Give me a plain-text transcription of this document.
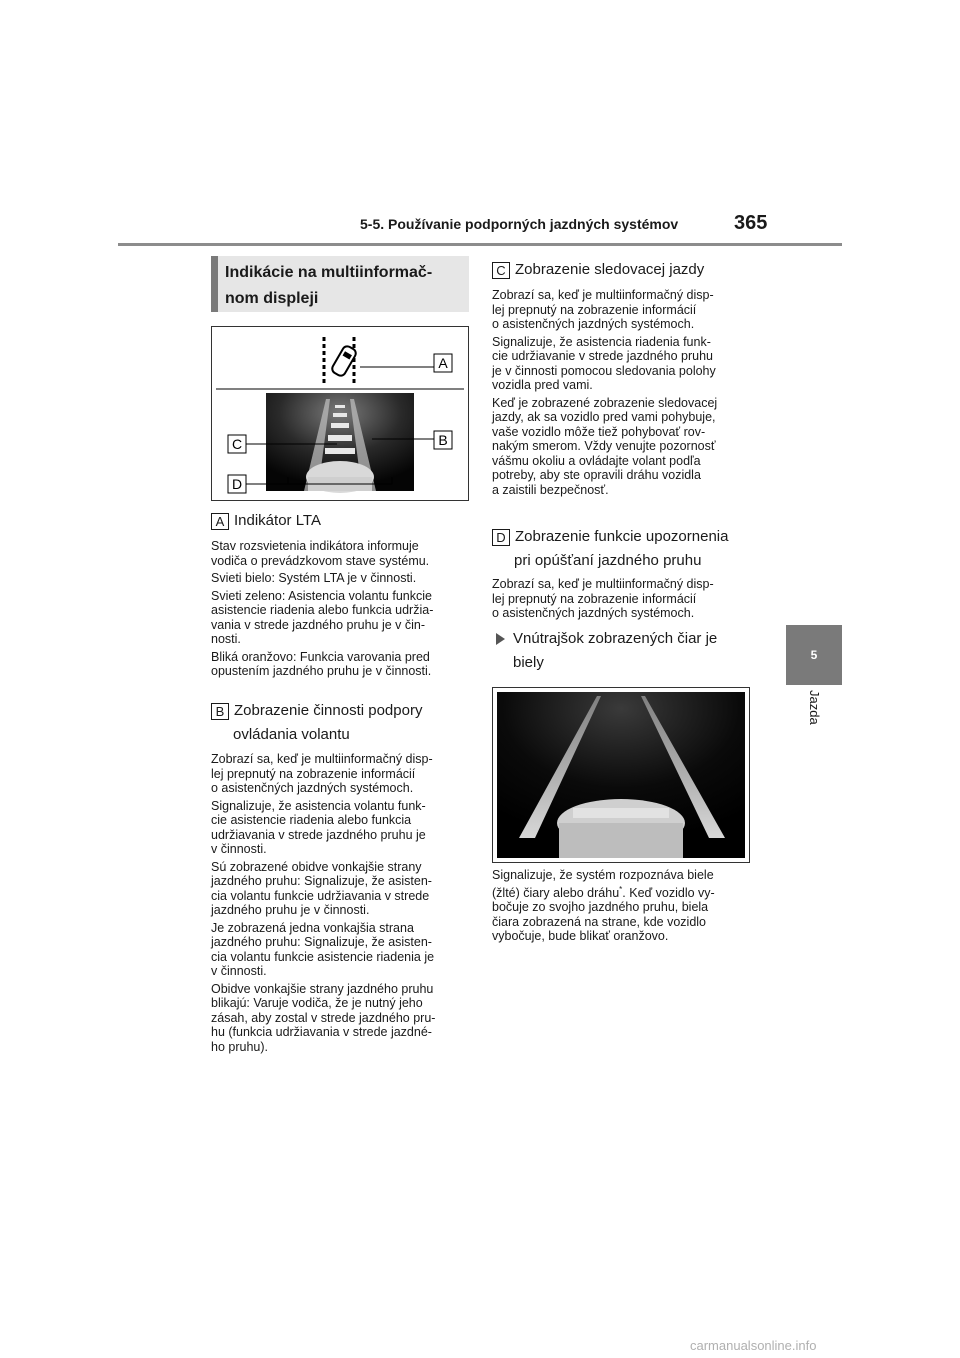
5-5. Používanie podporných jazdných systémov	365
5
Jazda
Indikácie na multiinformač-
nom displeji
A
B
C
D
A Indikátor LTA
Stav rozsvietenia indikátora informuje
vodiča o prevádzkovom stave systému.
Svieti bielo: Systém LTA je v činnosti.
Svieti zeleno: Asistencia volantu funkcie
asistencie riadenia alebo funkcia udržia-
vania v strede jazdného pruhu je v čin-
nosti.
Bliká oranžovo: Funkcia varovania pred
opustením jazdného pruhu je v činnosti.
B Zobrazenie činnosti podpory
ovládania volantu
Zobrazí sa, keď je multiinformačný disp-
lej prepnutý na zobrazenie informácií
o asistenčných jazdných systémoch.
Signalizuje, že asistencia volantu funk-
cie asistencie riadenia alebo funkcia
udržiavania v strede jazdného pruhu je
v činnosti.
Sú zobrazené obidve vonkajšie strany
jazdného pruhu: Signalizuje, že asisten-
cia volantu funkcie udržiavania v strede
jazdného pruhu je v činnosti.
Je zobrazená jedna vonkajšia strana
jazdného pruhu: Signalizuje, že asisten-
cia volantu funkcie asistencie riadenia je
v činnosti.
Obidve vonkajšie strany jazdného pruhu
blikajú: Varuje vodiča, že je nutný jeho
zásah, aby zostal v strede jazdného pru-
hu (funkcia udržiavania v strede jazdné-
ho pruhu).
C Zobrazenie sledovacej jazdy
Zobrazí sa, keď je multiinformačný disp-
lej prepnutý na zobrazenie informácií
o asistenčných jazdných systémoch.
Signalizuje, že asistencia riadenia funk-
cie udržiavanie v strede jazdného pruhu
je v činnosti pomocou sledovania polohy
vozidla pred vami.
Keď je zobrazené zobrazenie sledovacej
jazdy, ak sa vozidlo pred vami pohybuje,
vaše vozidlo môže tiež pohybovať rov-
nakým smerom. Vždy venujte pozornosť
vášmu okoliu a ovládajte volant podľa
potreby, aby ste opravili dráhu vozidla
a zaistili bezpečnosť.
D Zobrazenie funkcie upozornenia
pri opúšťaní jazdného pruhu
Zobrazí sa, keď je multiinformačný disp-
lej prepnutý na zobrazenie informácií
o asistenčných jazdných systémoch.
Vnútrajšok zobrazených čiar je
biely
Signalizuje, že systém rozpoznáva biele
(žlté) čiary alebo dráhu*. Keď vozidlo vy-
bočuje zo svojho jazdného pruhu, biela
čiara zobrazená na strane, kde vozidlo
vybočuje, bude blikať oranžovo.
carmanualsonline.info
